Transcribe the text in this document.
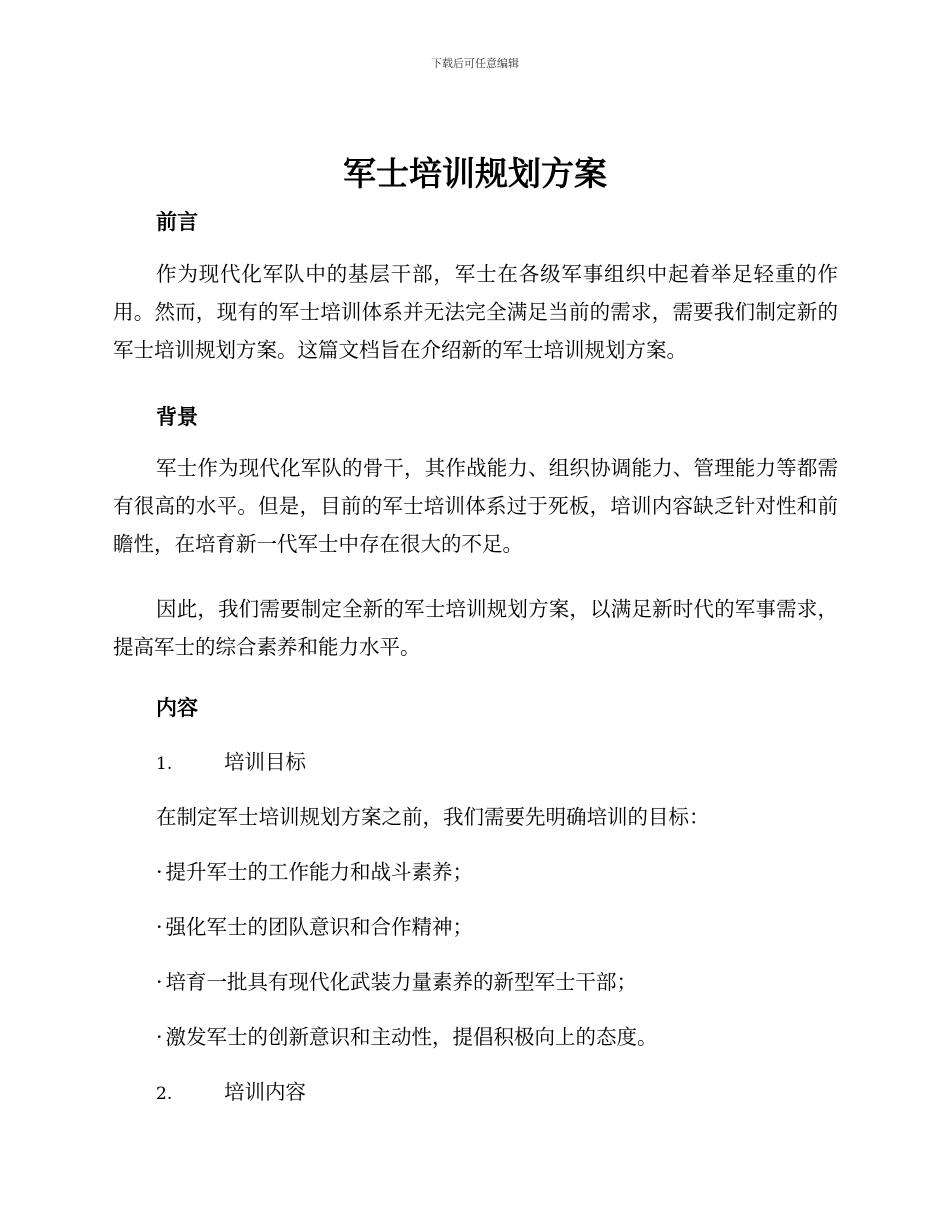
下载后可任意编辑
军士培训规划方案
前言
作为现代化军队中的基层干部，军士在各级军事组织中起着举足轻重的作用。然而，现有的军士培训体系并无法完全满足当前的需求，需要我们制定新的军士培训规划方案。这篇文档旨在介绍新的军士培训规划方案。
背景
军士作为现代化军队的骨干，其作战能力、组织协调能力、管理能力等都需有很高的水平。但是，目前的军士培训体系过于死板，培训内容缺乏针对性和前瞻性，在培育新一代军士中存在很大的不足。
因此，我们需要制定全新的军士培训规划方案，以满足新时代的军事需求，提高军士的综合素养和能力水平。
内容
1.	培训目标
在制定军士培训规划方案之前，我们需要先明确培训的目标：
· 提升军士的工作能力和战斗素养；
· 强化军士的团队意识和合作精神；
· 培育一批具有现代化武装力量素养的新型军士干部；
· 激发军士的创新意识和主动性，提倡积极向上的态度。
2.	培训内容
